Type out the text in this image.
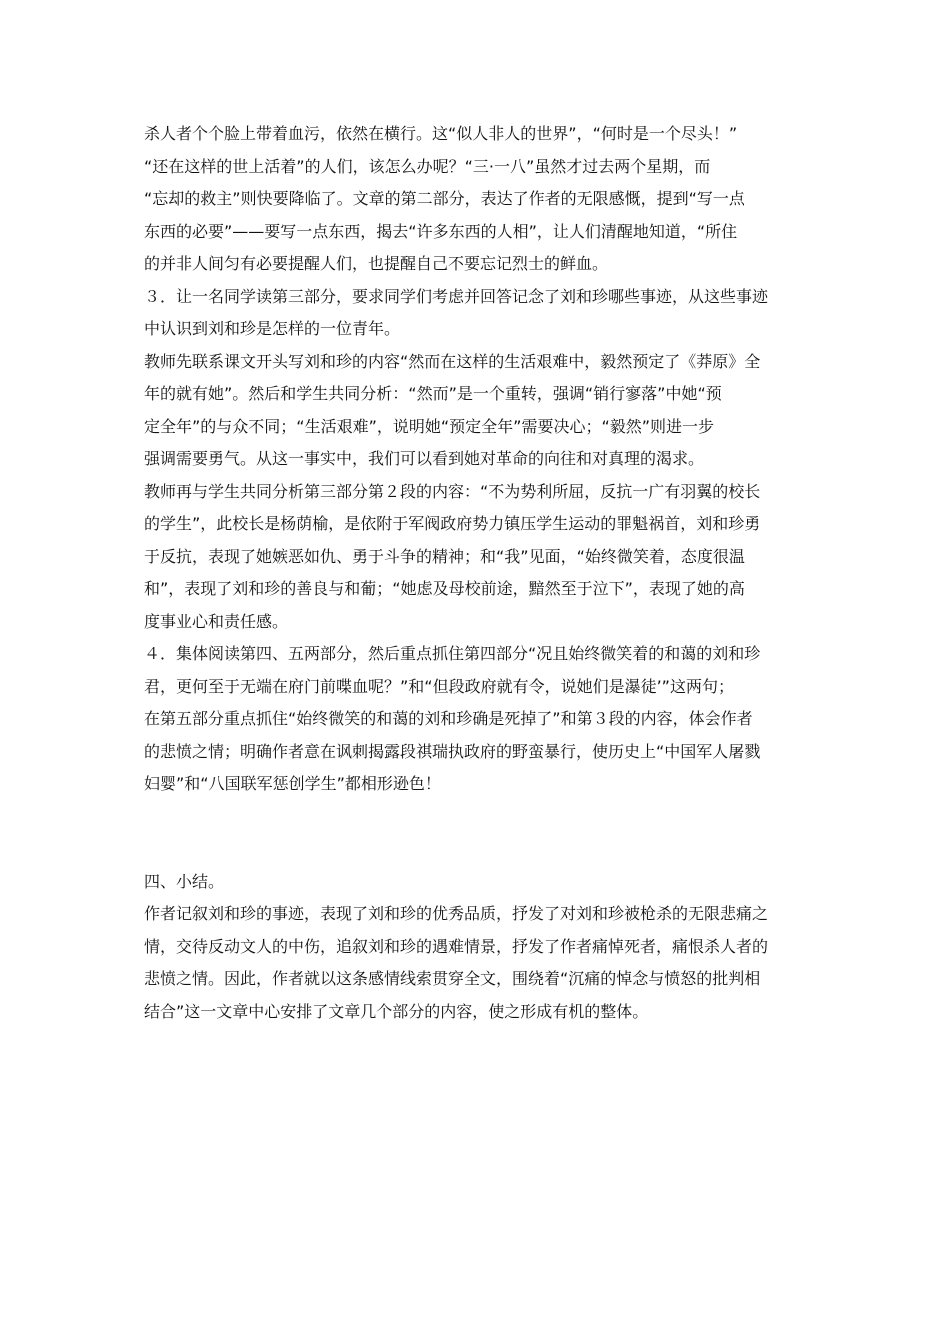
杀人者个个脸上带着血污，依然在横行。这“似人非人的世界”，“何时是一个尽头！”

“还在这样的世上活着”的人们，该怎么办呢？“三·一八”虽然才过去两个星期，而

“忘却的救主”则快要降临了。文章的第二部分，表达了作者的无限感慨，提到“写一点

东西的必要”——要写一点东西，揭去“许多东西的人相”，让人们清醒地知道，“所住

的并非人间匀有必要提醒人们，也提醒自己不要忘记烈士的鲜血。

３．让一名同学读第三部分，要求同学们考虑并回答记念了刘和珍哪些事迹，从这些事迹

中认识到刘和珍是怎样的一位青年。

教师先联系课文开头写刘和珍的内容“然而在这样的生活艰难中，毅然预定了《莽原》全

年的就有她”。然后和学生共同分析：“然而”是一个重转，强调“销行寥落”中她“预

定全年”的与众不同；“生活艰难”，说明她“预定全年”需要决心；“毅然”则进一步

强调需要勇气。从这一事实中，我们可以看到她对革命的向往和对真理的渴求。

教师再与学生共同分析第三部分第２段的内容：“不为势利所屈，反抗一广有羽翼的校长

的学生”，此校长是杨荫榆，是依附于军阀政府势力镇压学生运动的罪魁祸首，刘和珍勇

于反抗，表现了她嫉恶如仇、勇于斗争的精神；和“我”见面，“始终微笑着，态度很温

和”，表现了刘和珍的善良与和葡；“她虑及母校前途，黯然至于泣下”，表现了她的高

度事业心和责任感。

４．集体阅读第四、五两部分，然后重点抓住第四部分“况且始终微笑着的和蔼的刘和珍

君，更何至于无端在府门前喋血呢？”和“但段政府就有令，说她们是瀑徒’”这两句；

在第五部分重点抓住“始终微笑的和蔼的刘和珍确是死掉了”和第３段的内容，体会作者

的悲愤之情；明确作者意在讽刺揭露段祺瑞执政府的野蛮暴行，使历史上“中国军人屠戮

妇婴”和“八国联军惩创学生”都相形逊色！

四、小结。

作者记叙刘和珍的事迹，表现了刘和珍的优秀品质，抒发了对刘和珍被枪杀的无限悲痛之

情，交待反动文人的中伤，追叙刘和珍的遇难情景，抒发了作者痛悼死者，痛恨杀人者的

悲愤之情。因此，作者就以这条感情线索贯穿全文，围绕着“沉痛的悼念与愤怒的批判相

结合”这一文章中心安排了文章几个部分的内容，使之形成有机的整体。
